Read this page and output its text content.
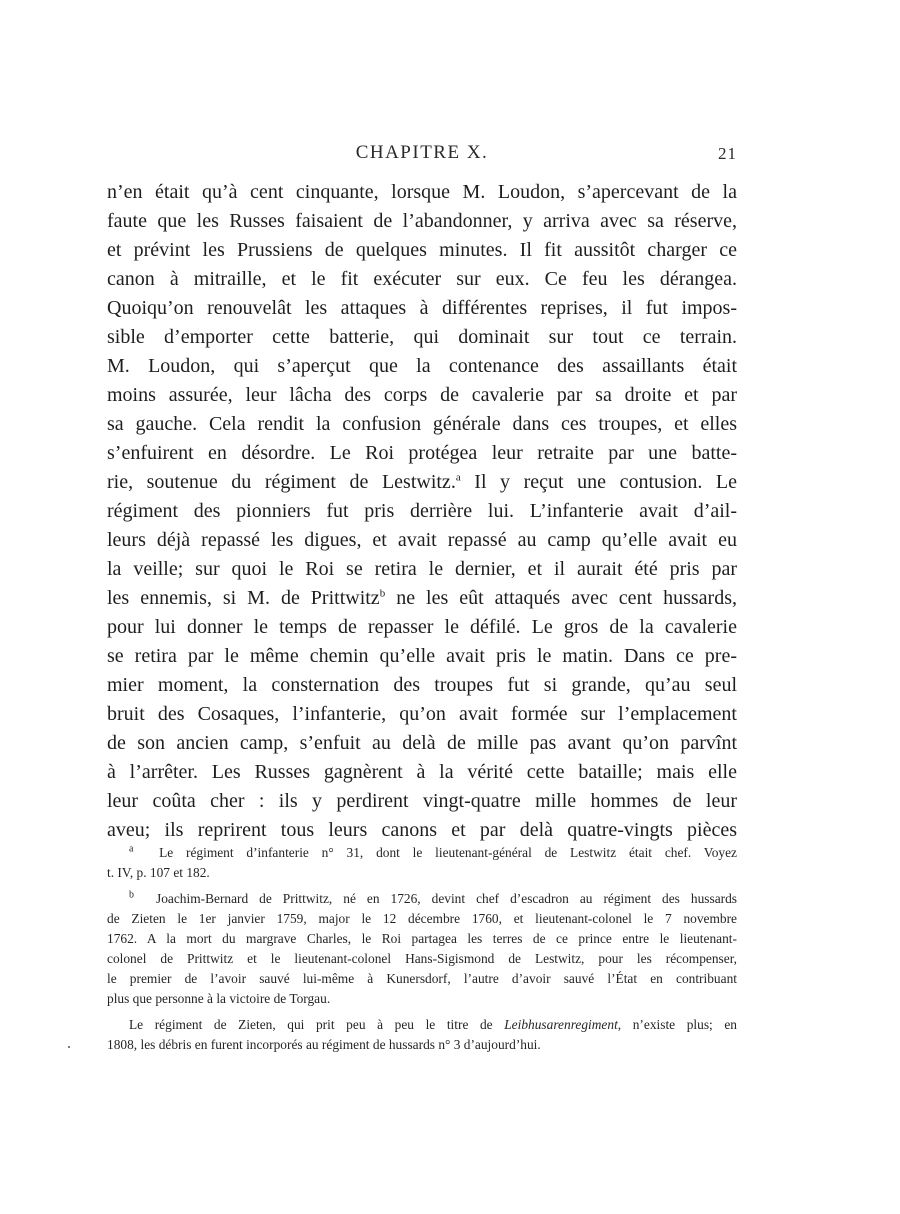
CHAPITRE X.	21
n’en était qu’à cent cinquante, lorsque M. Loudon, s’apercevant de la
faute que les Russes faisaient de l’abandonner, y arriva avec sa réserve,
et prévint les Prussiens de quelques minutes. Il fit aussitôt charger ce
canon à mitraille, et le fit exécuter sur eux. Ce feu les dérangea.
Quoiqu’on renouvelât les attaques à différentes reprises, il fut impos-
sible d’emporter cette batterie, qui dominait sur tout ce terrain.
M. Loudon, qui s’aperçut que la contenance des assaillants était
moins assurée, leur lâcha des corps de cavalerie par sa droite et par
sa gauche. Cela rendit la confusion générale dans ces troupes, et elles
s’enfuirent en désordre. Le Roi protégea leur retraite par une batte-
rie, soutenue du régiment de Lestwitz.$^a$ Il y reçut une contusion. Le
régiment des pionniers fut pris derrière lui. L’infanterie avait d’ail-
leurs déjà repassé les digues, et avait repassé au camp qu’elle avait eu
la veille; sur quoi le Roi se retira le dernier, et il aurait été pris par
les ennemis, si M. de Prittwitz$^b$ ne les eût attaqués avec cent hussards,
pour lui donner le temps de repasser le défilé. Le gros de la cavalerie
se retira par le même chemin qu’elle avait pris le matin. Dans ce pre-
mier moment, la consternation des troupes fut si grande, qu’au seul
bruit des Cosaques, l’infanterie, qu’on avait formée sur l’emplacement
de son ancien camp, s’enfuit au delà de mille pas avant qu’on parvînt
à l’arrêter. Les Russes gagnèrent à la vérité cette bataille; mais elle
leur coûta cher : ils y perdirent vingt-quatre mille hommes de leur
aveu; ils reprirent tous leurs canons et par delà quatre-vingts pièces
$^a$ Le régiment d’infanterie n° 31, dont le lieutenant-général de Lestwitz était chef. Voyez
t. IV, p. 107 et 182.
$^b$ Joachim-Bernard de Prittwitz, né en 1726, devint chef d’escadron au régiment des hussards
de Zieten le 1er janvier 1759, major le 12 décembre 1760, et lieutenant-colonel le 7 novembre
1762. A la mort du margrave Charles, le Roi partagea les terres de ce prince entre le lieutenant-
colonel de Prittwitz et le lieutenant-colonel Hans-Sigismond de Lestwitz, pour les récompenser,
le premier de l’avoir sauvé lui-même à Kunersdorf, l’autre d’avoir sauvé l’État en contribuant
plus que personne à la victoire de Torgau.
Le régiment de Zieten, qui prit peu à peu le titre de Leibhusarenregiment, n’existe plus; en
1808, les débris en furent incorporés au régiment de hussards n° 3 d’aujourd’hui.
